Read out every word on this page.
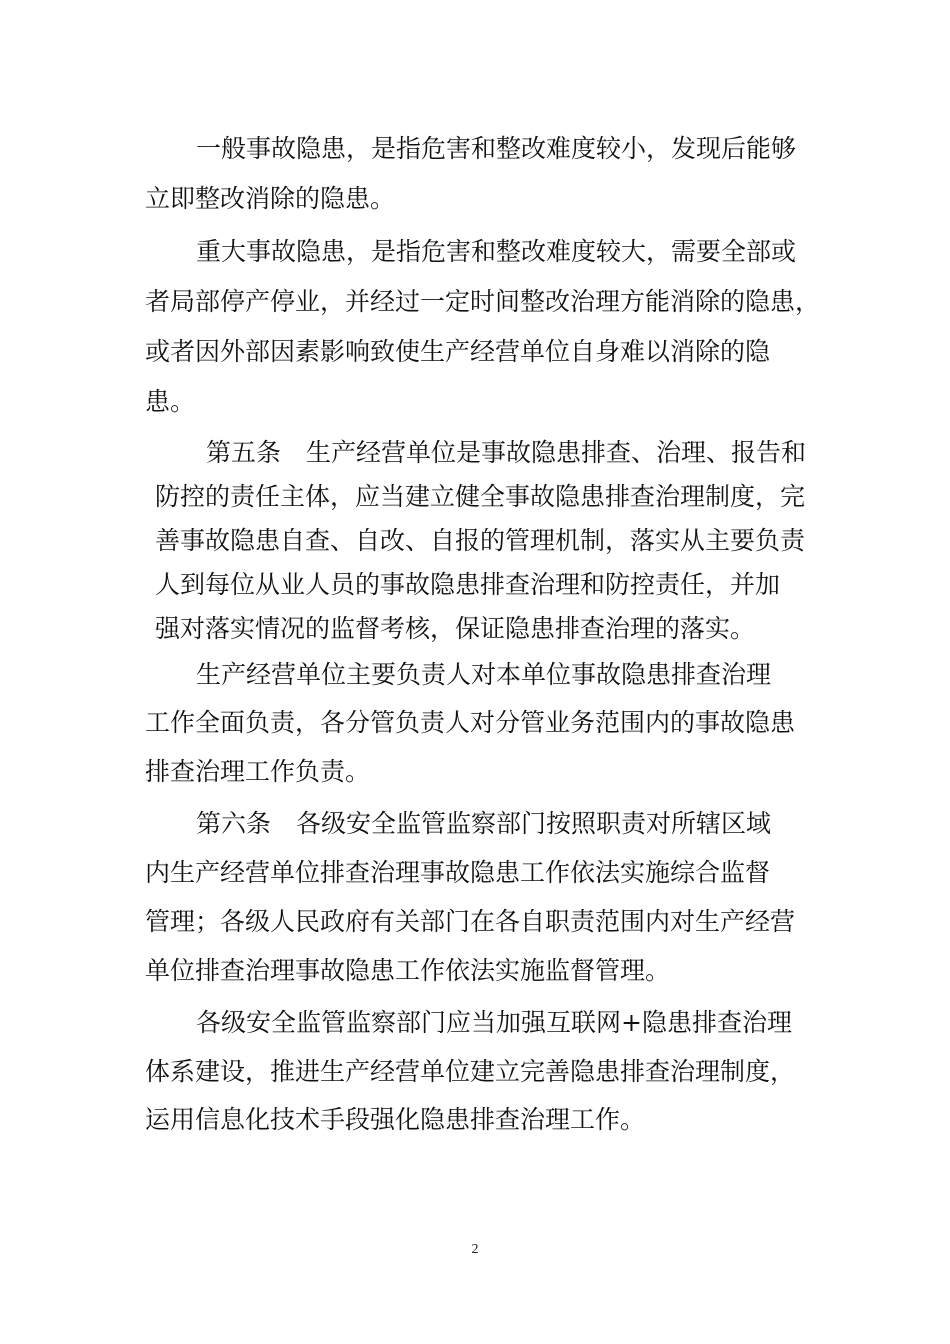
一般事故隐患，是指危害和整改难度较小，发现后能够
立即整改消除的隐患。
重大事故隐患，是指危害和整改难度较大，需要全部或
者局部停产停业，并经过一定时间整改治理方能消除的隐患，
或者因外部因素影响致使生产经营单位自身难以消除的隐
患。
第五条　生产经营单位是事故隐患排查、治理、报告和
防控的责任主体，应当建立健全事故隐患排查治理制度，完
善事故隐患自查、自改、自报的管理机制，落实从主要负责
人到每位从业人员的事故隐患排查治理和防控责任，并加
强对落实情况的监督考核，保证隐患排查治理的落实。
生产经营单位主要负责人对本单位事故隐患排查治理
工作全面负责，各分管负责人对分管业务范围内的事故隐患
排查治理工作负责。
第六条　各级安全监管监察部门按照职责对所辖区域
内生产经营单位排查治理事故隐患工作依法实施综合监督
管理；各级人民政府有关部门在各自职责范围内对生产经营
单位排查治理事故隐患工作依法实施监督管理。
各级安全监管监察部门应当加强互联网+隐患排查治理
体系建设，推进生产经营单位建立完善隐患排查治理制度，
运用信息化技术手段强化隐患排查治理工作。
2
